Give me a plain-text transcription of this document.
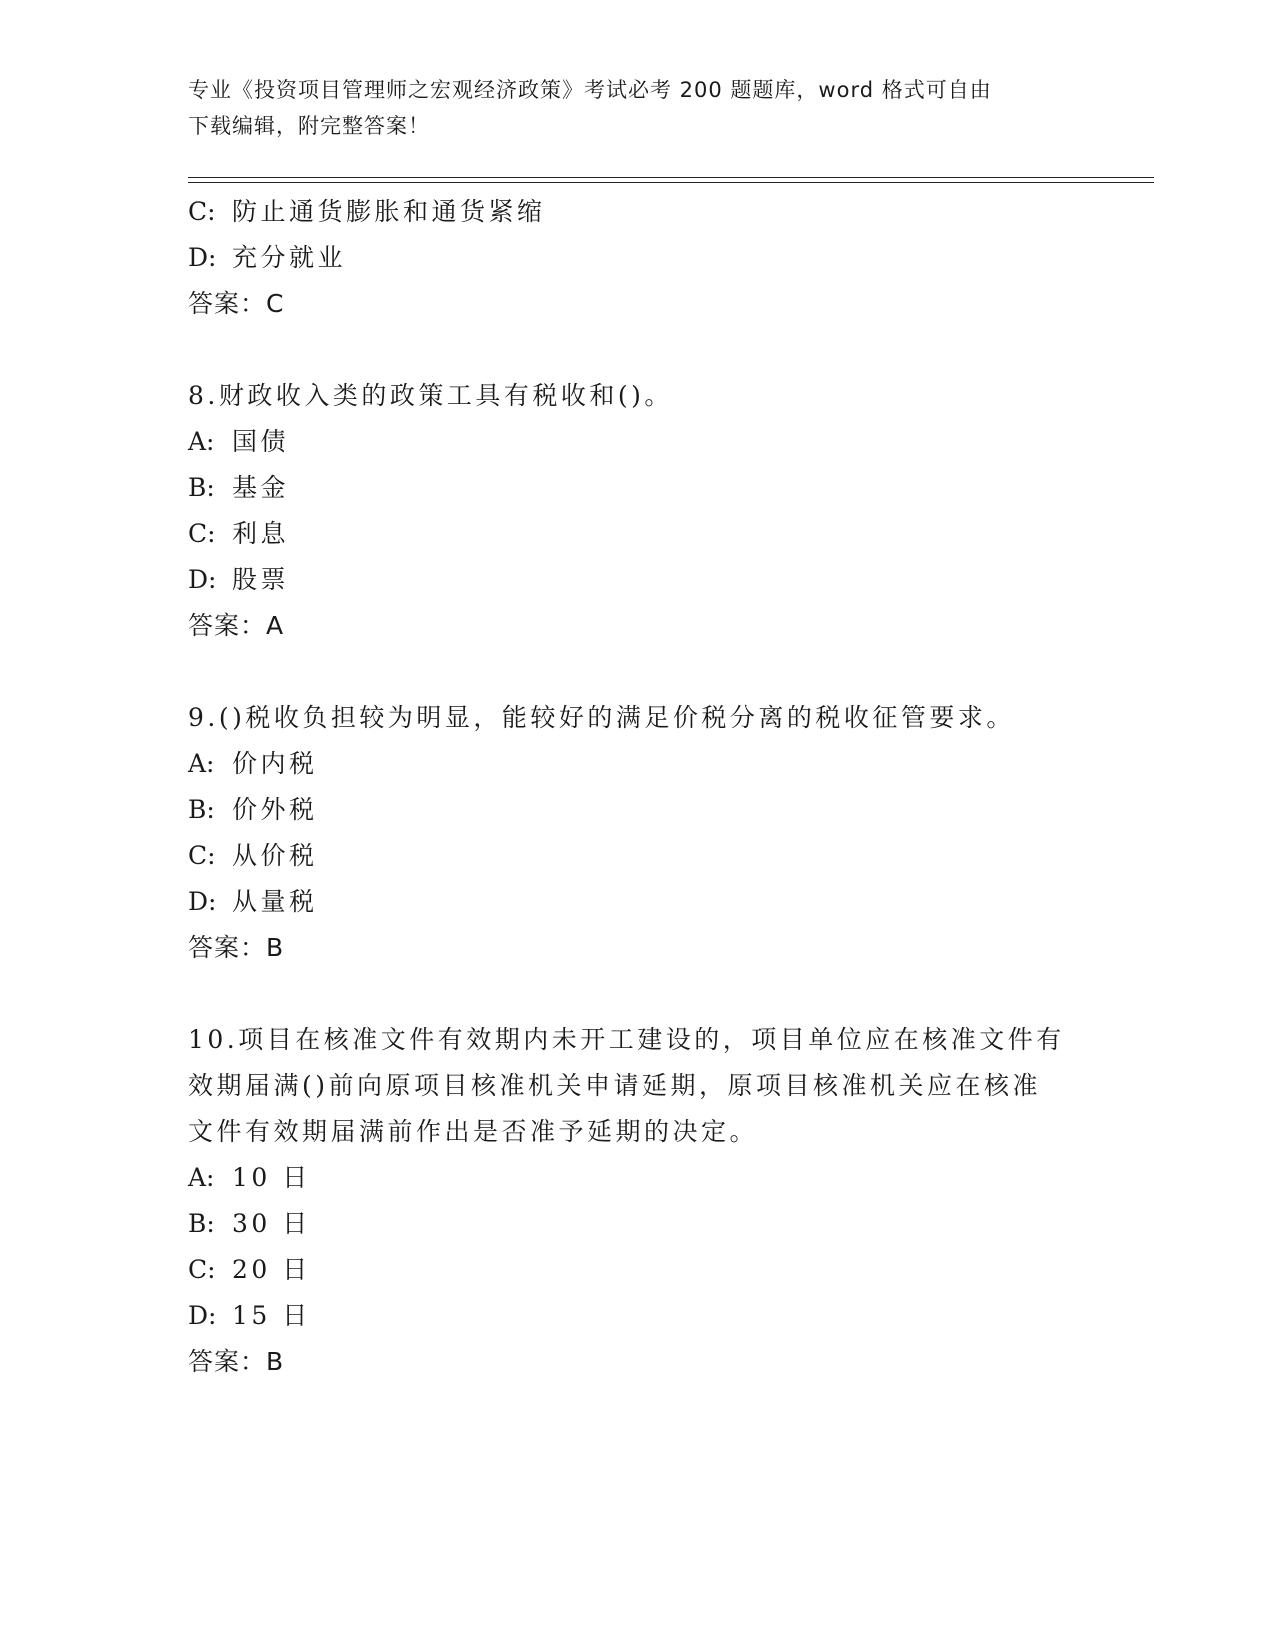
专业《投资项目管理师之宏观经济政策》考试必考 200 题题库，word 格式可自由
下载编辑，附完整答案！
C: 防止通货膨胀和通货紧缩
D: 充分就业
答案：C
8.财政收入类的政策工具有税收和()。
A: 国债
B: 基金
C: 利息
D: 股票
答案：A
9.()税收负担较为明显，能较好的满足价税分离的税收征管要求。
A: 价内税
B: 价外税
C: 从价税
D: 从量税
答案：B
10.项目在核准文件有效期内未开工建设的，项目单位应在核准文件有
效期届满()前向原项目核准机关申请延期，原项目核准机关应在核准
文件有效期届满前作出是否准予延期的决定。
A: 10 日
B: 30 日
C: 20 日
D: 15 日
答案：B
